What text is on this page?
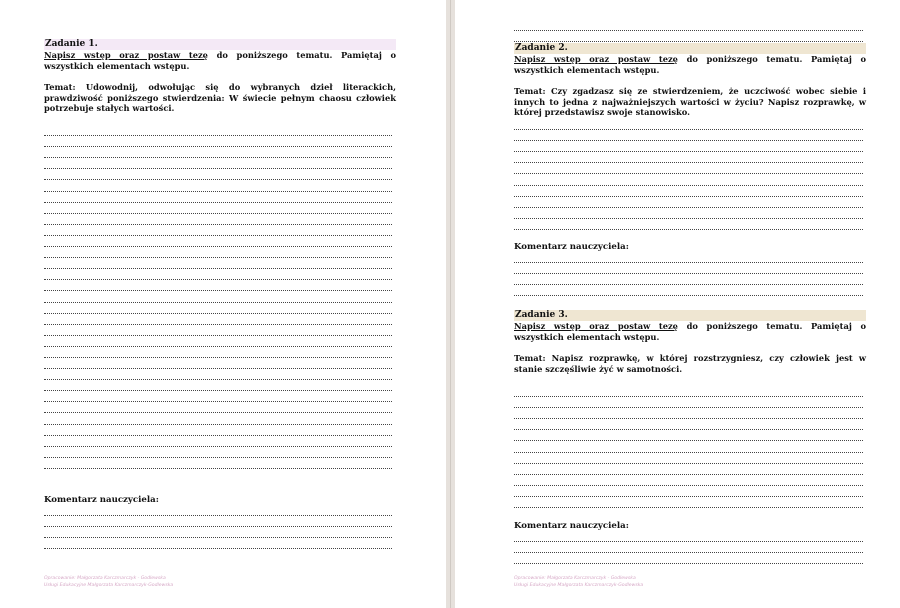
Zadanie 1.
Napisz wstęp oraz postaw tezę do poniższego tematu. Pamiętaj o wszystkich elementach wstępu.
Temat: Udowodnij, odwołując się do wybranych dzieł literackich, prawdziwość poniższego stwierdzenia: W świecie pełnym chaosu człowiek potrzebuje stałych wartości.
Komentarz nauczyciela:
Opracowanie: Małgorzata Karczmarczyk - Godlewska
Usługi Edukacyjne Małgorzata Karczmarczyk-Godlewska
Zadanie 2.
Napisz wstęp oraz postaw tezę do poniższego tematu. Pamiętaj o wszystkich elementach wstępu.
Temat: Czy zgadzasz się ze stwierdzeniem, że uczciwość wobec siebie i innych to jedna z najważniejszych wartości w życiu? Napisz rozprawkę, w której przedstawisz swoje stanowisko.
Komentarz nauczyciela:
Zadanie 3.
Napisz wstęp oraz postaw tezę do poniższego tematu. Pamiętaj o wszystkich elementach wstępu.
Temat: Napisz rozprawkę, w której rozstrzygniesz, czy człowiek jest w stanie szczęśliwie żyć w samotności.
Komentarz nauczyciela:
Opracowanie: Małgorzata Karczmarczyk - Godlewska
Usługi Edukacyjne Małgorzata Karczmarczyk-Godlewska
